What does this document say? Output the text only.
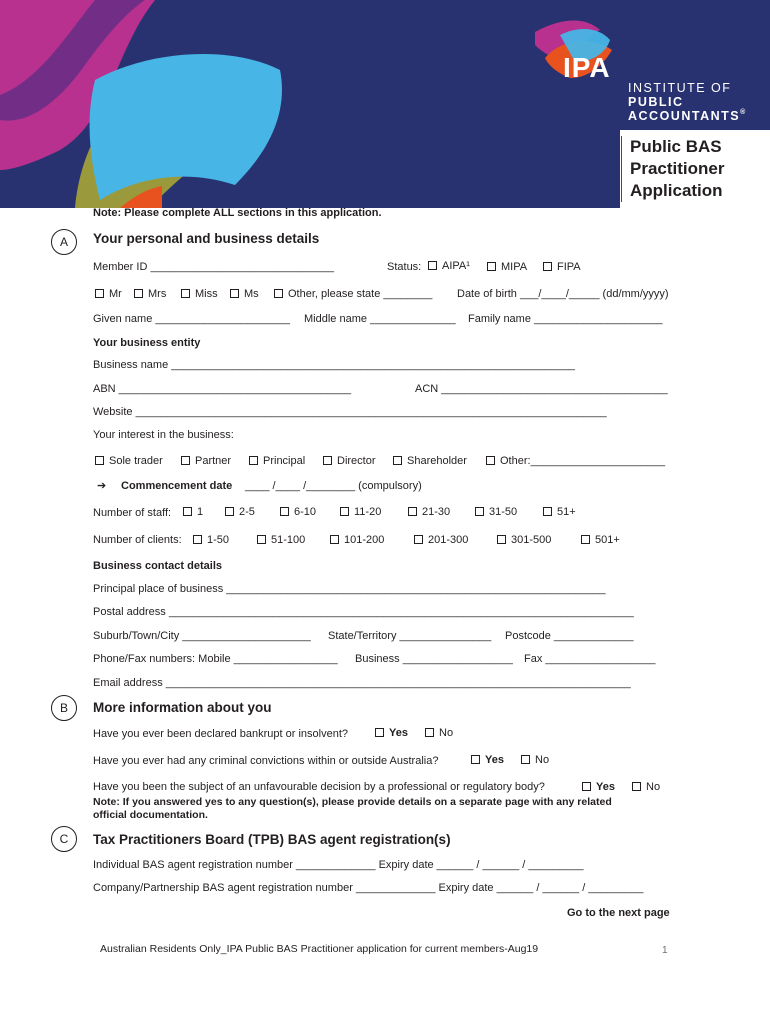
IPA
INSTITUTE OF
PUBLIC
ACCOUNTANTS®
Public BAS
Practitioner
Application
Note: Please complete ALL sections in this application.
A	Your personal and business details
Member ID ______________________________	Status:	AIPA¹	MIPA	FIPA
Mr	Mrs	Miss	Ms	Other, please state ________ Date of birth ___/____/_____ (dd/mm/yyyy)
Given name ______________________ Middle name ______________ Family name _____________________
Your business entity
Business name __________________________________________________________________
ABN ______________________________________	ACN _____________________________________
Website _____________________________________________________________________________
Your interest in the business:
Sole trader	Partner	Principal	Director	Shareholder	Other:______________________
➔ Commencement date ____ /____ /________ (compulsory)
Number of staff:	1	2-5	6-10	11-20	21-30	31-50	51+
Number of clients:	1-50	51-100	101-200	201-300	301-500	501+
Business contact details
Principal place of business ______________________________________________________________
Postal address ____________________________________________________________________________
Suburb/Town/City _____________________ State/Territory _______________ Postcode _____________
Phone/Fax numbers: Mobile _________________ Business __________________ Fax __________________
Email address ____________________________________________________________________________
B	More information about you
Have you ever been declared bankrupt or insolvent?	Yes	No
Have you ever had any criminal convictions within or outside Australia?	Yes	No
Have you been the subject of an unfavourable decision by a professional or regulatory body?	Yes	No
Note: If you answered yes to any question(s), please provide details on a separate page with any related
official documentation.
C	Tax Practitioners Board (TPB) BAS agent registration(s)
Individual BAS agent registration number _____________ Expiry date ______ / ______ / _________
Company/Partnership BAS agent registration number _____________ Expiry date ______ / ______ / _________
Go to the next page
Australian Residents Only_IPA Public BAS Practitioner application for current members-Aug19	1
